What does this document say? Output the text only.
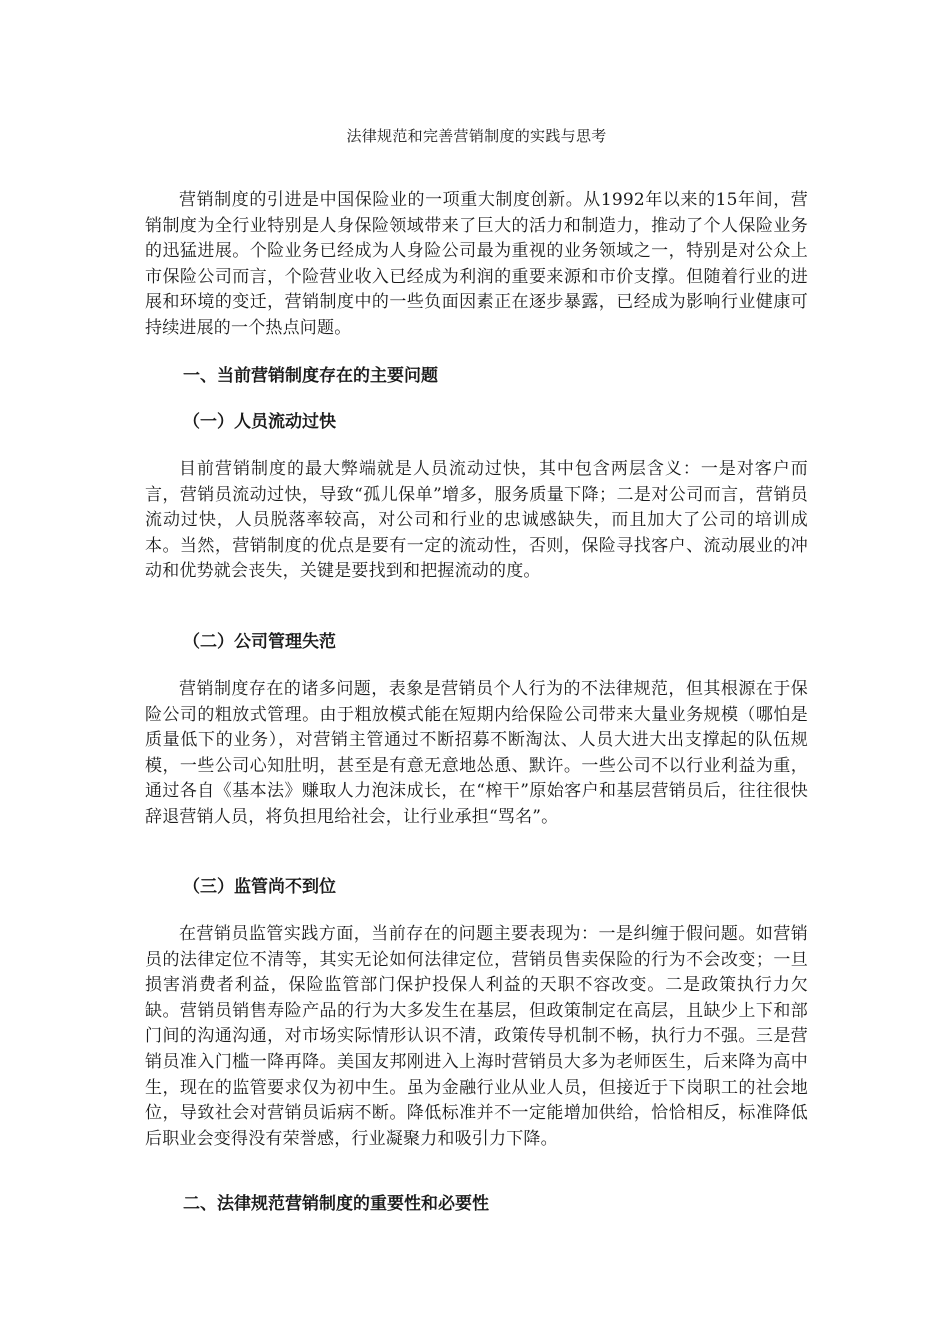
法律规范和完善营销制度的实践与思考

营销制度的引进是中国保险业的一项重大制度创新。从1992年以来的15年间，营销制度为全行业特别是人身保险领域带来了巨大的活力和制造力，推动了个人保险业务的迅猛进展。个险业务已经成为人身险公司最为重视的业务领域之一，特别是对公众上市保险公司而言，个险营业收入已经成为利润的重要来源和市价支撑。但随着行业的进展和环境的变迁，营销制度中的一些负面因素正在逐步暴露，已经成为影响行业健康可持续进展的一个热点问题。

一、当前营销制度存在的主要问题
（一）人员流动过快

目前营销制度的最大弊端就是人员流动过快，其中包含两层含义：一是对客户而言，营销员流动过快，导致“孤儿保单”增多，服务质量下降；二是对公司而言，营销员流动过快，人员脱落率较高，对公司和行业的忠诚感缺失，而且加大了公司的培训成本。当然，营销制度的优点是要有一定的流动性，否则，保险寻找客户、流动展业的冲动和优势就会丧失，关键是要找到和把握流动的度。

（二）公司管理失范

营销制度存在的诸多问题，表象是营销员个人行为的不法律规范，但其根源在于保险公司的粗放式管理。由于粗放模式能在短期内给保险公司带来大量业务规模（哪怕是质量低下的业务），对营销主管通过不断招募不断淘汰、人员大进大出支撑起的队伍规模，一些公司心知肚明，甚至是有意无意地怂恿、默许。一些公司不以行业利益为重，通过各自《基本法》赚取人力泡沫成长，在“榨干”原始客户和基层营销员后，往往很快辞退营销人员，将负担甩给社会，让行业承担“骂名”。

（三）监管尚不到位

在营销员监管实践方面，当前存在的问题主要表现为：一是纠缠于假问题。如营销员的法律定位不清等，其实无论如何法律定位，营销员售卖保险的行为不会改变；一旦损害消费者利益，保险监管部门保护投保人利益的天职不容改变。二是政策执行力欠缺。营销员销售寿险产品的行为大多发生在基层，但政策制定在高层，且缺少上下和部门间的沟通沟通，对市场实际情形认识不清，政策传导机制不畅，执行力不强。三是营销员准入门槛一降再降。美国友邦刚进入上海时营销员大多为老师医生，后来降为高中生，现在的监管要求仅为初中生。虽为金融行业从业人员，但接近于下岗职工的社会地位，导致社会对营销员诟病不断。降低标准并不一定能增加供给，恰恰相反，标准降低后职业会变得没有荣誉感，行业凝聚力和吸引力下降。

二、法律规范营销制度的重要性和必要性
